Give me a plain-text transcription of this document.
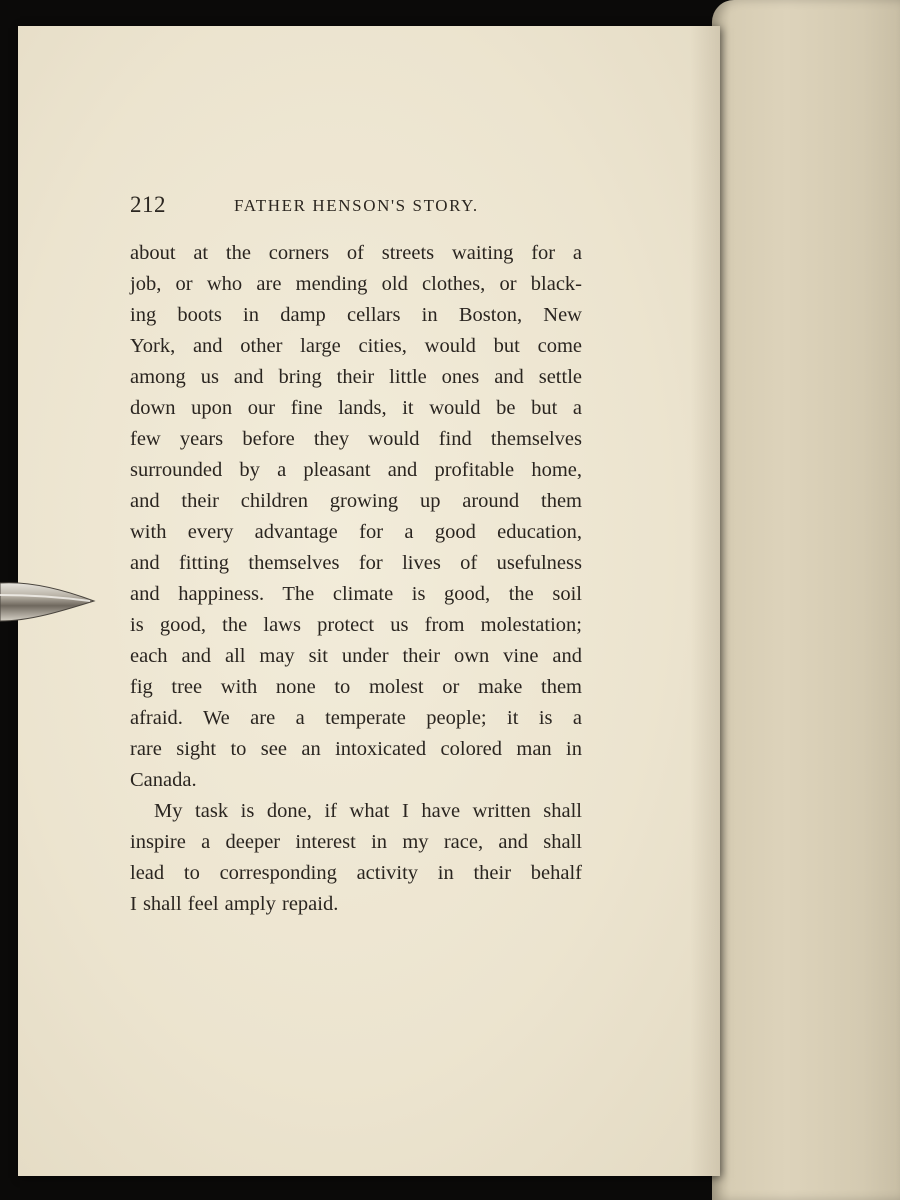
212	FATHER HENSON'S STORY.
about at the corners of streets waiting for a
job, or who are mending old clothes, or black-
ing boots in damp cellars in Boston, New
York, and other large cities, would but come
among us and bring their little ones and settle
down upon our fine lands, it would be but a
few years before they would find themselves
surrounded by a pleasant and profitable home,
and their children growing up around them
with every advantage for a good education,
and fitting themselves for lives of usefulness
and happiness. The climate is good, the soil
is good, the laws protect us from molestation;
each and all may sit under their own vine and
fig tree with none to molest or make them
afraid. We are a temperate people; it is a
rare sight to see an intoxicated colored man in
Canada.
My task is done, if what I have written shall
inspire a deeper interest in my race, and shall
lead to corresponding activity in their behalf
I shall feel amply repaid.
